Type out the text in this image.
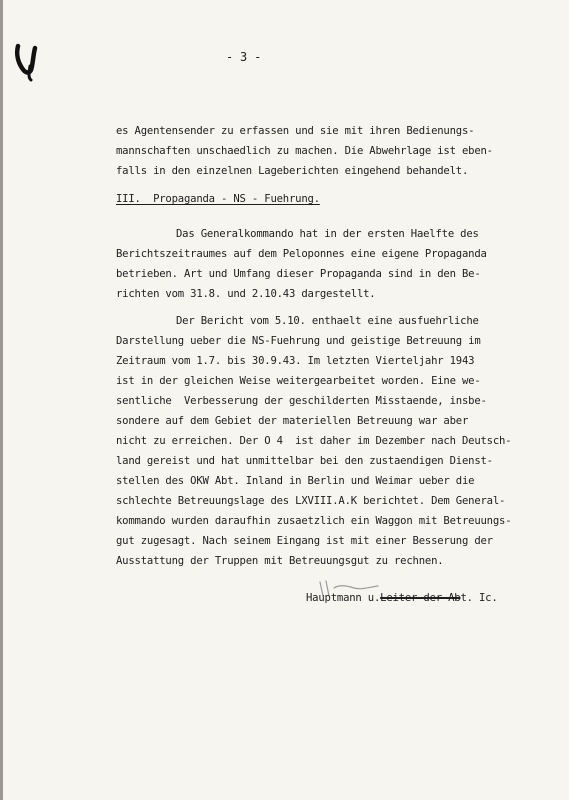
- 3 -
es Agentensender zu erfassen und sie mit ihren Bedienungs-
mannschaften unschaedlich zu machen. Die Abwehrlage ist eben-
falls in den einzelnen Lageberichten eingehend behandelt.
III.  Propaganda - NS - Fuehrung.
Das Generalkommando hat in der ersten Haelfte des
Berichtszeitraumes auf dem Peloponnes eine eigene Propaganda
betrieben. Art und Umfang dieser Propaganda sind in den Be-
richten vom 31.8. und 2.10.43 dargestellt.
Der Bericht vom 5.10. enthaelt eine ausfuehrliche
Darstellung ueber die NS-Fuehrung und geistige Betreuung im
Zeitraum vom 1.7. bis 30.9.43. Im letzten Vierteljahr 1943
ist in der gleichen Weise weitergearbeitet worden. Eine we-
sentliche  Verbesserung der geschilderten Misstaende, insbe-
sondere auf dem Gebiet der materiellen Betreuung war aber
nicht zu erreichen. Der O 4  ist daher im Dezember nach Deutsch-
land gereist und hat unmittelbar bei den zustaendigen Dienst-
stellen des OKW Abt. Inland in Berlin und Weimar ueber die
schlechte Betreuungslage des LXVIII.A.K berichtet. Dem General-
kommando wurden daraufhin zusaetzlich ein Waggon mit Betreuungs-
gut zugesagt. Nach seinem Eingang ist mit einer Besserung der
Ausstattung der Truppen mit Betreuungsgut zu rechnen.
Hauptmann u.Leiter der Abt. Ic.
